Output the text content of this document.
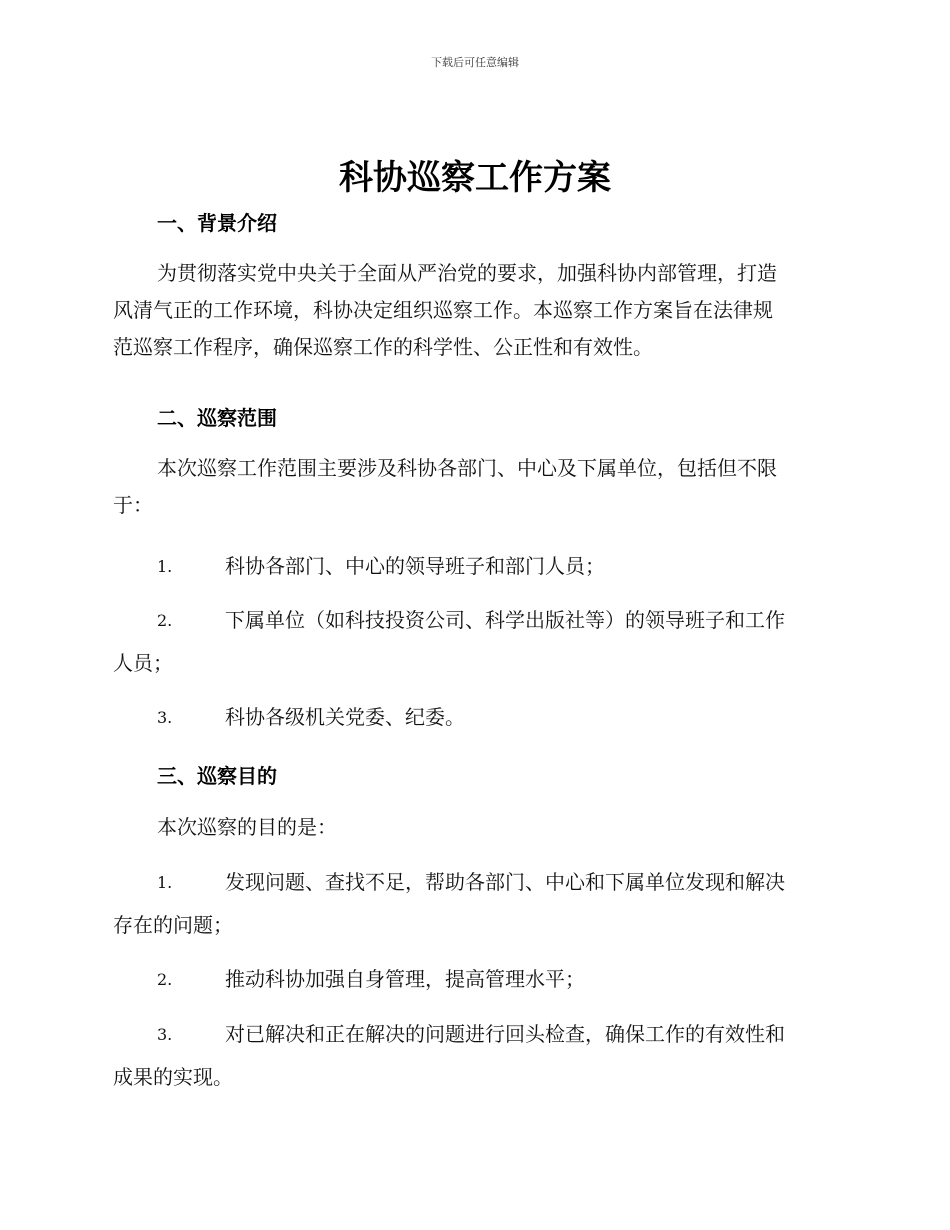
下载后可任意编辑
科协巡察工作方案
一、背景介绍
为贯彻落实党中央关于全面从严治党的要求，加强科协内部管理，打造
风清气正的工作环境，科协决定组织巡察工作。本巡察工作方案旨在法律规
范巡察工作程序，确保巡察工作的科学性、公正性和有效性。
二、巡察范围
本次巡察工作范围主要涉及科协各部门、中心及下属单位，包括但不限
于：
1.	科协各部门、中心的领导班子和部门人员；
2.	下属单位（如科技投资公司、科学出版社等）的领导班子和工作
人员；
3.	科协各级机关党委、纪委。
三、巡察目的
本次巡察的目的是：
1.	发现问题、查找不足，帮助各部门、中心和下属单位发现和解决
存在的问题；
2.	推动科协加强自身管理，提高管理水平；
3.	对已解决和正在解决的问题进行回头检查，确保工作的有效性和
成果的实现。
